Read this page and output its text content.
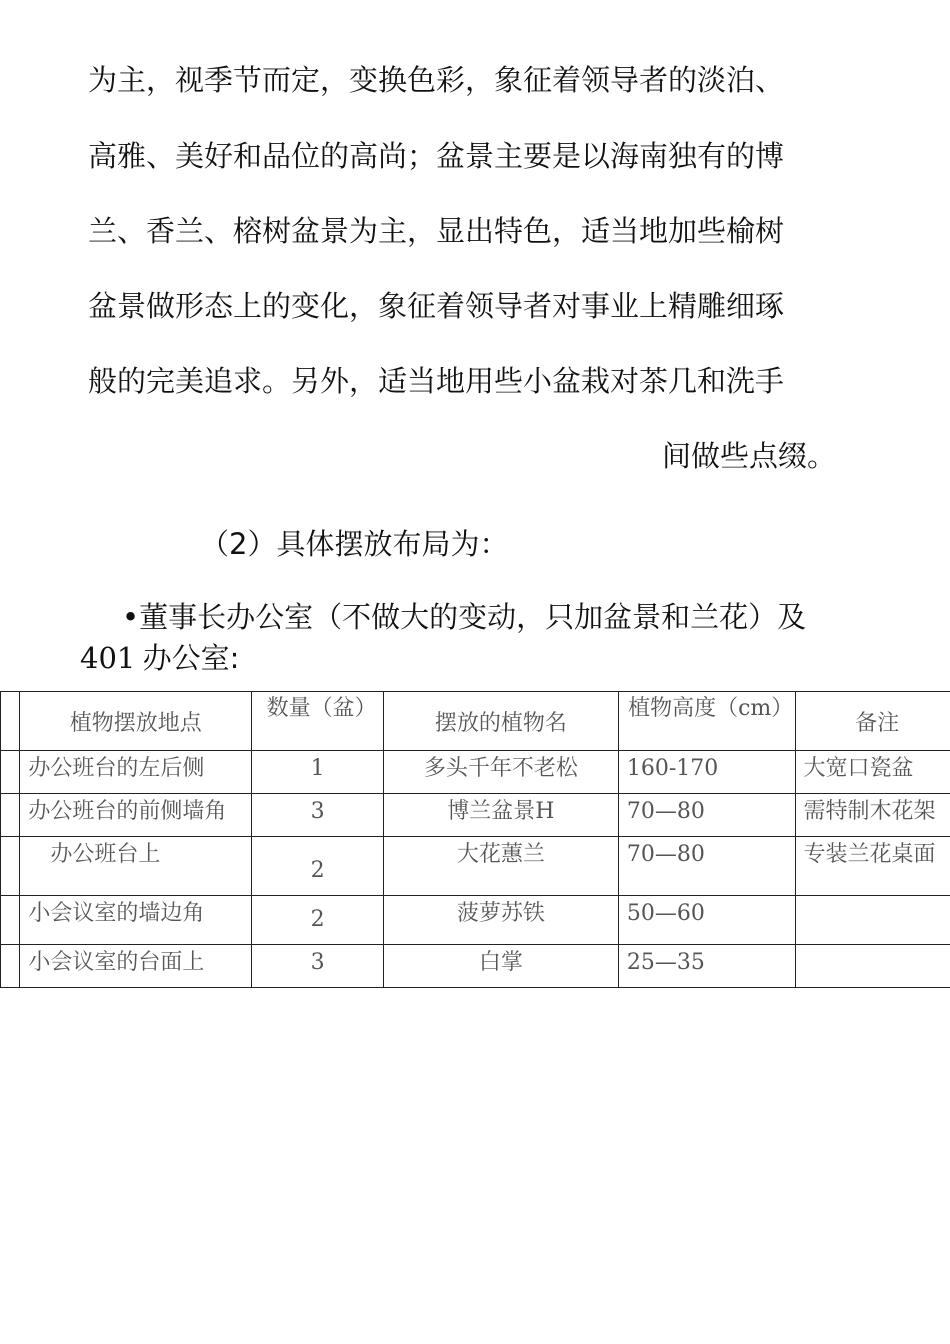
为主，视季节而定，变换色彩，象征着领导者的淡泊、
高雅、美好和品位的高尚；盆景主要是以海南独有的博
兰、香兰、榕树盆景为主，显出特色，适当地加些榆树
盆景做形态上的变化，象征着领导者对事业上精雕细琢
般的完美追求。另外，适当地用些小盆栽对茶几和洗手
间做些点缀。
（2）具体摆放布局为：
•董事长办公室（不做大的变动，只加盆景和兰花）及
401 办公室:
	植物摆放地点	数量（盆）	摆放的植物名	植物高度（cm）	备注

	办公班台的左后侧	1	多头千年不老松	160-170	大宽口瓷盆

	办公班台的前侧墙角	3	博兰盆景H	70—80	需特制木花架

	办公班台上	2	大花蕙兰	70—80	专装兰花桌面

	小会议室的墙边角	2	菠萝苏铁	50—60	

	小会议室的台面上	3	白掌	25—35	
